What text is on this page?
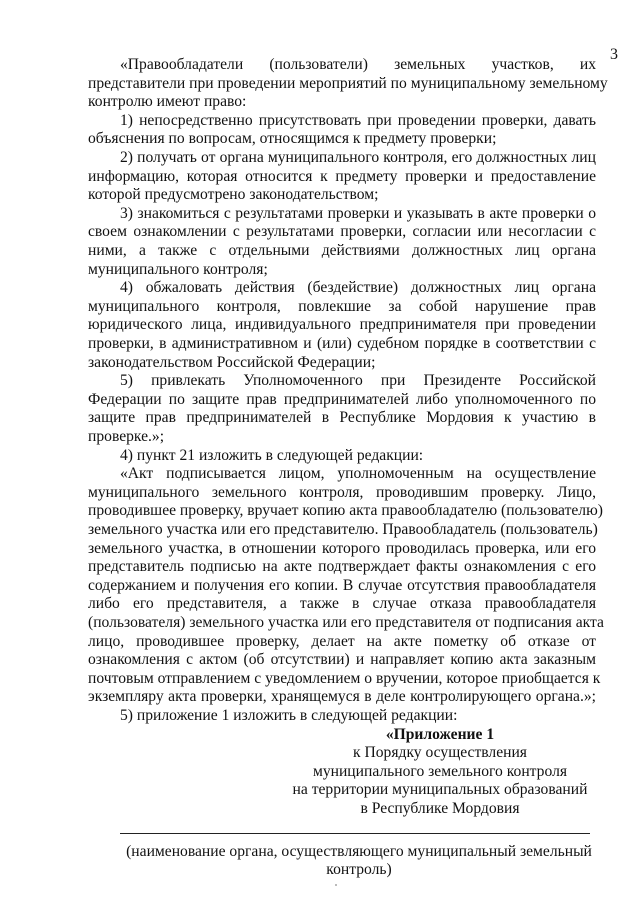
3
«Правообладатели (пользователи) земельных участков, их
представители при проведении мероприятий по муниципальному земельному
контролю имеют право:
1) непосредственно присутствовать при проведении проверки, давать
объяснения по вопросам, относящимся к предмету проверки;
2) получать от органа муниципального контроля, его должностных лиц
информацию, которая относится к предмету проверки и предоставление
которой предусмотрено законодательством;
3) знакомиться с результатами проверки и указывать в акте проверки о
своем ознакомлении с результатами проверки, согласии или несогласии с
ними, а также с отдельными действиями должностных лиц органа
муниципального контроля;
4) обжаловать действия (бездействие) должностных лиц органа
муниципального контроля, повлекшие за собой нарушение прав
юридического лица, индивидуального предпринимателя при проведении
проверки, в административном и (или) судебном порядке в соответствии с
законодательством Российской Федерации;
5) привлекать Уполномоченного при Президенте Российской
Федерации по защите прав предпринимателей либо уполномоченного по
защите прав предпринимателей в Республике Мордовия к участию в
проверке.»;
4) пункт 21 изложить в следующей редакции:
«Акт подписывается лицом, уполномоченным на осуществление
муниципального земельного контроля, проводившим проверку. Лицо,
проводившее проверку, вручает копию акта правообладателю (пользователю)
земельного участка или его представителю. Правообладатель (пользователь)
земельного участка, в отношении которого проводилась проверка, или его
представитель подписью на акте подтверждает факты ознакомления с его
содержанием и получения его копии. В случае отсутствия правообладателя
либо его представителя, а также в случае отказа правообладателя
(пользователя) земельного участка или его представителя от подписания акта
лицо, проводившее проверку, делает на акте пометку об отказе от
ознакомления с актом (об отсутствии) и направляет копию акта заказным
почтовым отправлением с уведомлением о вручении, которое приобщается к
экземпляру акта проверки, хранящемуся в деле контролирующего органа.»;
5) приложение 1 изложить в следующей редакции:
«Приложение 1
к Порядку осуществления
муниципального земельного контроля
на территории муниципальных образований
в Республике Мордовия
(наименование органа, осуществляющего муниципальный земельный
контроль)
